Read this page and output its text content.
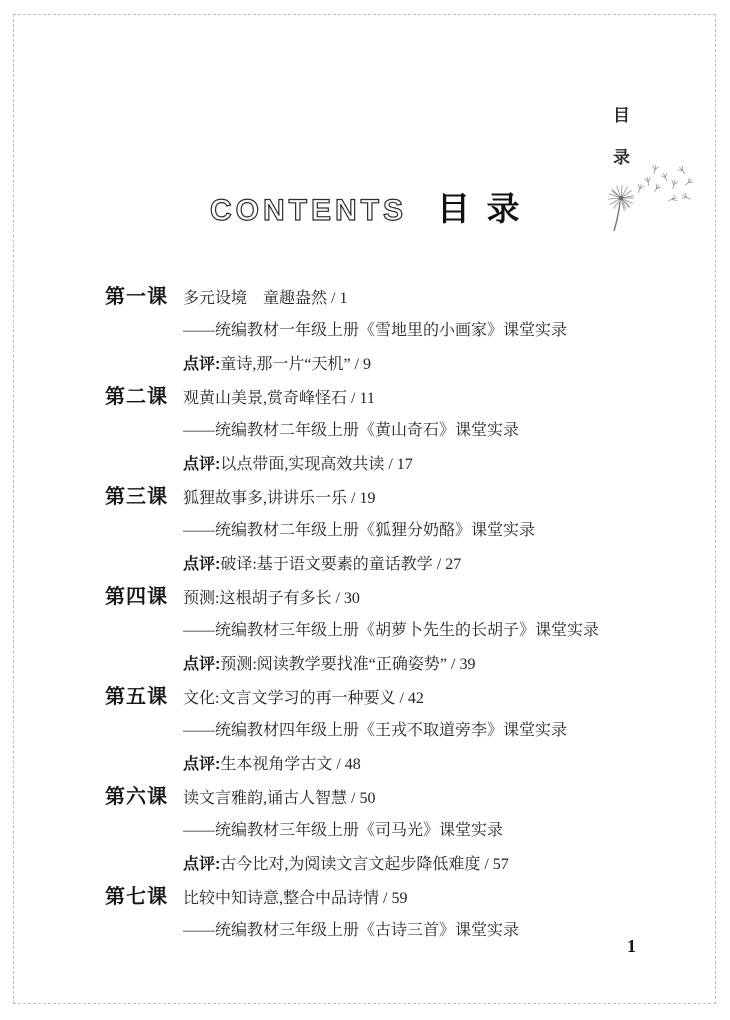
目
录
CONTENTS 目  录
第一课 多元设境　童趣盎然 / 1
——统编教材一年级上册《雪地里的小画家》课堂实录
点评: 童诗,那一片“天机” / 9
第二课 观黄山美景,赏奇峰怪石 / 11
——统编教材二年级上册《黄山奇石》课堂实录
点评: 以点带面,实现高效共读 / 17
第三课 狐狸故事多,讲讲乐一乐 / 19
——统编教材二年级上册《狐狸分奶酪》课堂实录
点评: 破译:基于语文要素的童话教学 / 27
第四课 预测:这根胡子有多长 / 30
——统编教材三年级上册《胡萝卜先生的长胡子》课堂实录
点评: 预测:阅读教学要找准“正确姿势” / 39
第五课 文化:文言文学习的再一种要义 / 42
——统编教材四年级上册《王戎不取道旁李》课堂实录
点评: 生本视角学古文 / 48
第六课 读文言雅韵,诵古人智慧 / 50
——统编教材三年级上册《司马光》课堂实录
点评: 古今比对,为阅读文言文起步降低难度 / 57
第七课 比较中知诗意,整合中品诗情 / 59
——统编教材三年级上册《古诗三首》课堂实录
1
